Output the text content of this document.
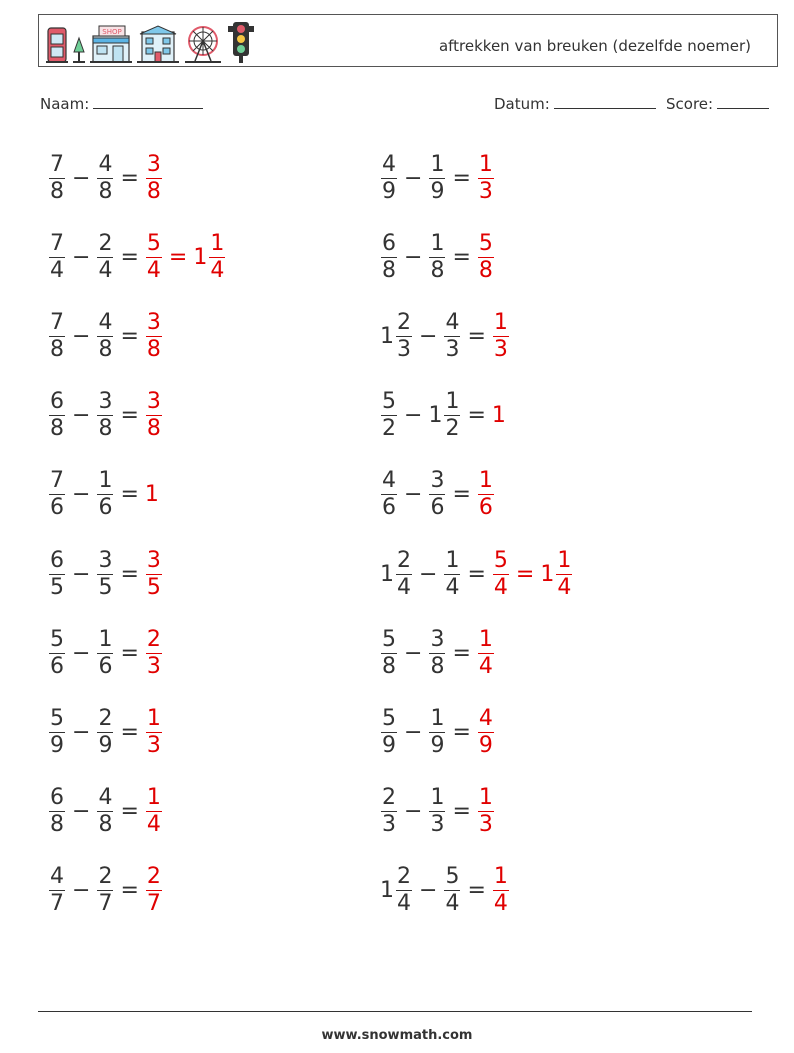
SHOP
aftrekken van breuken (dezelfde noemer)
Naam:	Datum:	Score:
$\frac{7}{8} - \frac{4}{8} = \frac{3}{8}$	$\frac{4}{9} - \frac{1}{9} = \frac{1}{3}$
$\frac{7}{4} - \frac{2}{4} = \frac{5}{4} = 1 \frac{1}{4}$	$\frac{6}{8} - \frac{1}{8} = \frac{5}{8}$
$\frac{7}{8} - \frac{4}{8} = \frac{3}{8}$	$1 \frac{2}{3} - \frac{4}{3} = \frac{1}{3}$
$\frac{6}{8} - \frac{3}{8} = \frac{3}{8}$	$\frac{5}{2} - 1 \frac{1}{2} = 1$
$\frac{7}{6} - \frac{1}{6} = 1$	$\frac{4}{6} - \frac{3}{6} = \frac{1}{6}$
$\frac{6}{5} - \frac{3}{5} = \frac{3}{5}$	$1 \frac{2}{4} - \frac{1}{4} = \frac{5}{4} = 1 \frac{1}{4}$
$\frac{5}{6} - \frac{1}{6} = \frac{2}{3}$	$\frac{5}{8} - \frac{3}{8} = \frac{1}{4}$
$\frac{5}{9} - \frac{2}{9} = \frac{1}{3}$	$\frac{5}{9} - \frac{1}{9} = \frac{4}{9}$
$\frac{6}{8} - \frac{4}{8} = \frac{1}{4}$	$\frac{2}{3} - \frac{1}{3} = \frac{1}{3}$
$\frac{4}{7} - \frac{2}{7} = \frac{2}{7}$	$1 \frac{2}{4} - \frac{5}{4} = \frac{1}{4}$
www.snowmath.com
